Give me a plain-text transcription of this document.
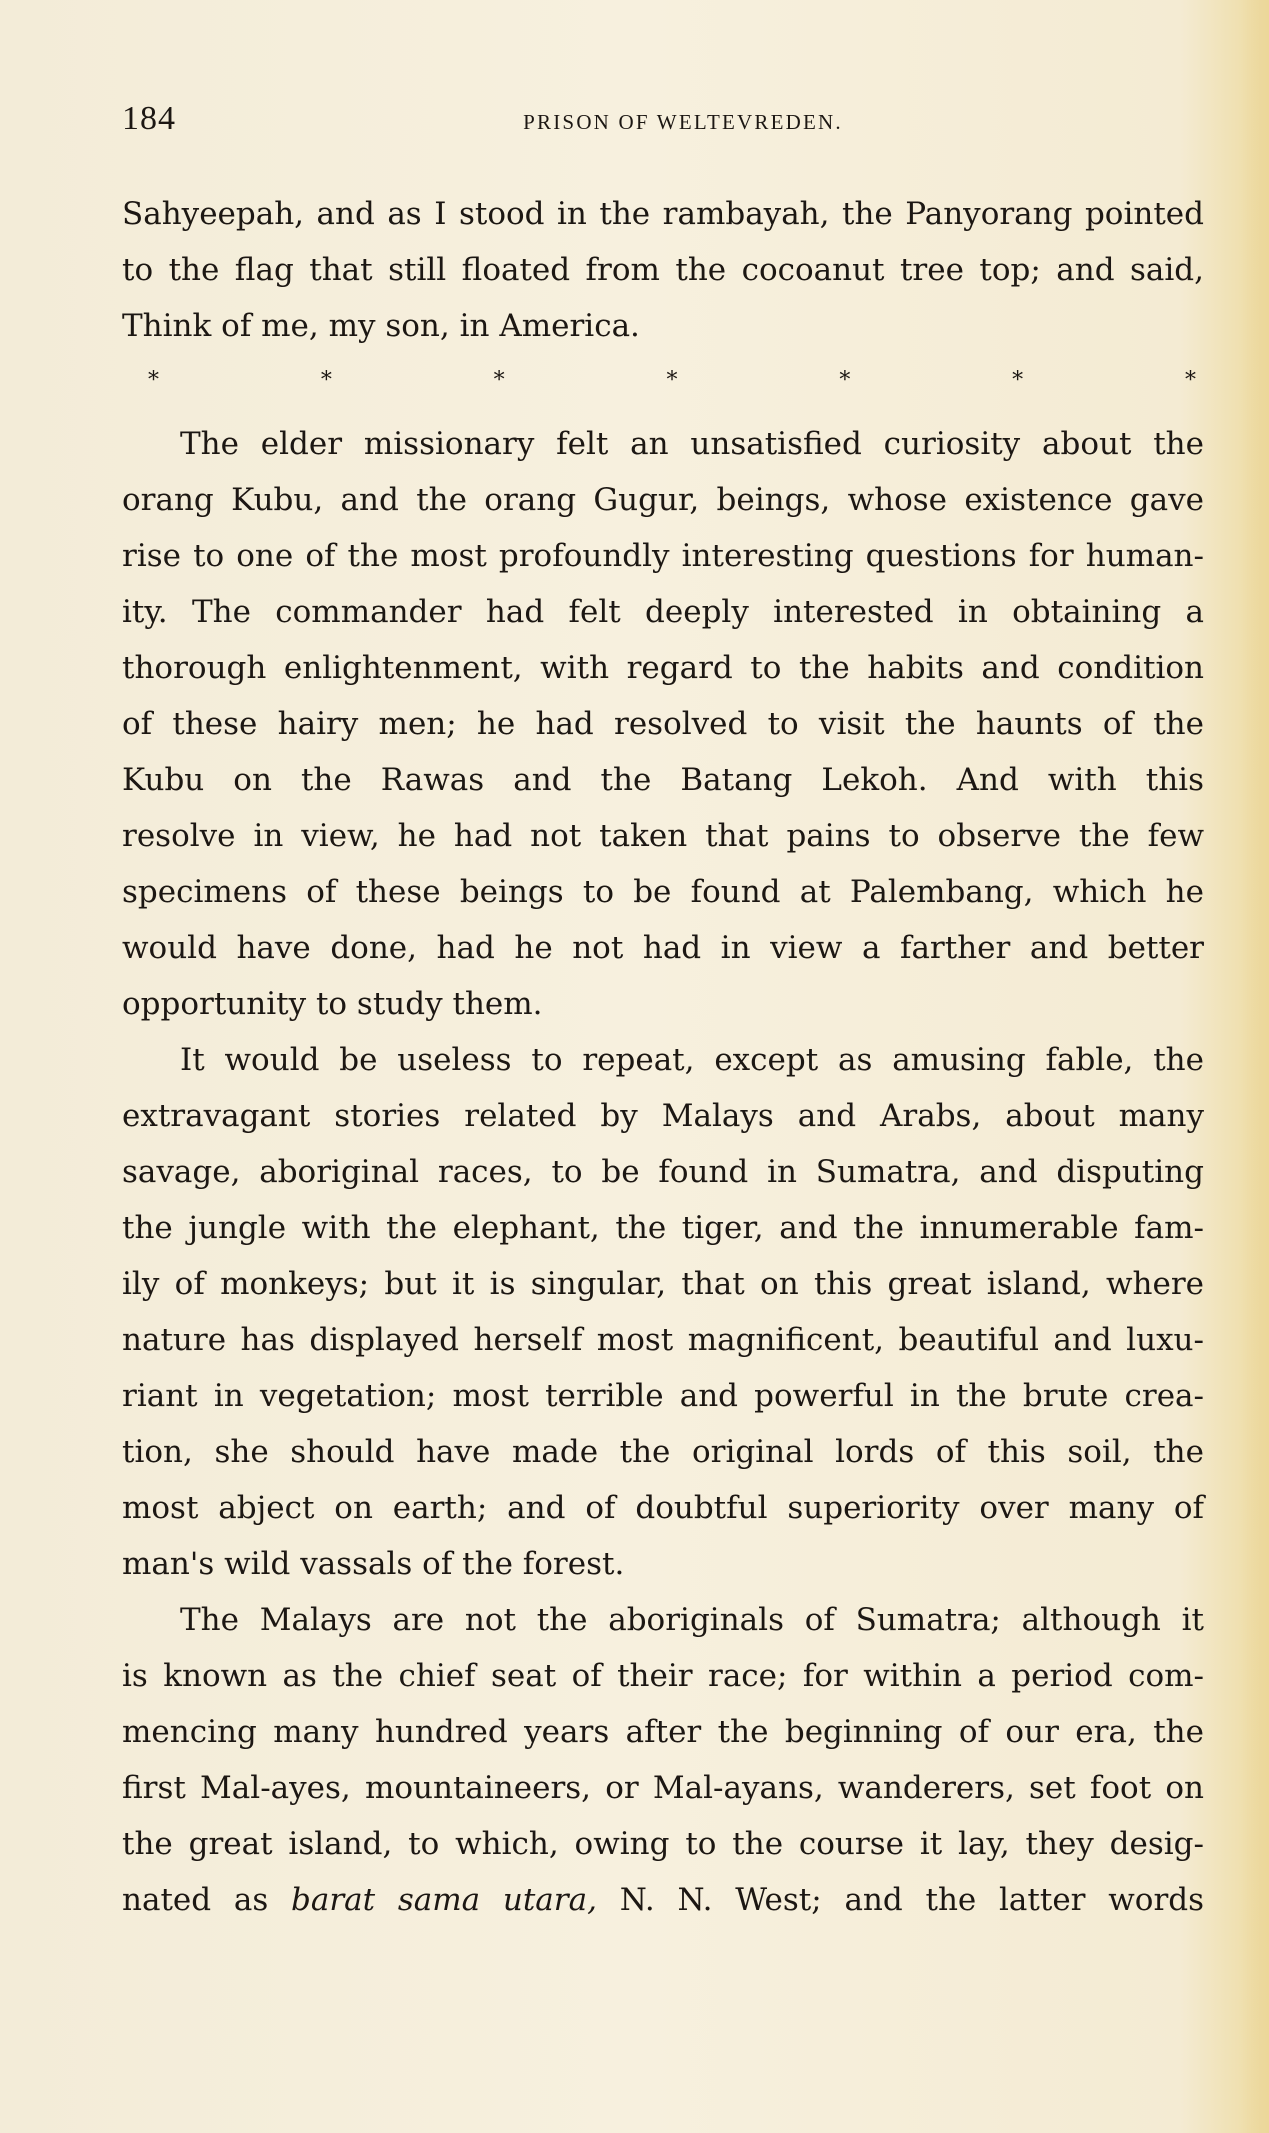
184	PRISON OF WELTEVREDEN.
Sahyeepah, and as I stood in the rambayah, the Panyorang pointed
to the flag that still floated from the cocoanut tree top; and said,
Think of me, my son, in America.
*	*	*	*	*	*	*
The elder missionary felt an unsatisfied curiosity about the
orang Kubu, and the orang Gugur, beings, whose existence gave
rise to one of the most profoundly interesting questions for human-
ity. The commander had felt deeply interested in obtaining a
thorough enlightenment, with regard to the habits and condition
of these hairy men; he had resolved to visit the haunts of the
Kubu on the Rawas and the Batang Lekoh. And with this
resolve in view, he had not taken that pains to observe the few
specimens of these beings to be found at Palembang, which he
would have done, had he not had in view a farther and better
opportunity to study them.
It would be useless to repeat, except as amusing fable, the
extravagant stories related by Malays and Arabs, about many
savage, aboriginal races, to be found in Sumatra, and disputing
the jungle with the elephant, the tiger, and the innumerable fam-
ily of monkeys; but it is singular, that on this great island, where
nature has displayed herself most magnificent, beautiful and luxu-
riant in vegetation; most terrible and powerful in the brute crea-
tion, she should have made the original lords of this soil, the
most abject on earth; and of doubtful superiority over many of
man's wild vassals of the forest.
The Malays are not the aboriginals of Sumatra; although it
is known as the chief seat of their race; for within a period com-
mencing many hundred years after the beginning of our era, the
first Mal-ayes, mountaineers, or Mal-ayans, wanderers, set foot on
the great island, to which, owing to the course it lay, they desig-
nated as barat sama utara, N. N. West; and the latter words
